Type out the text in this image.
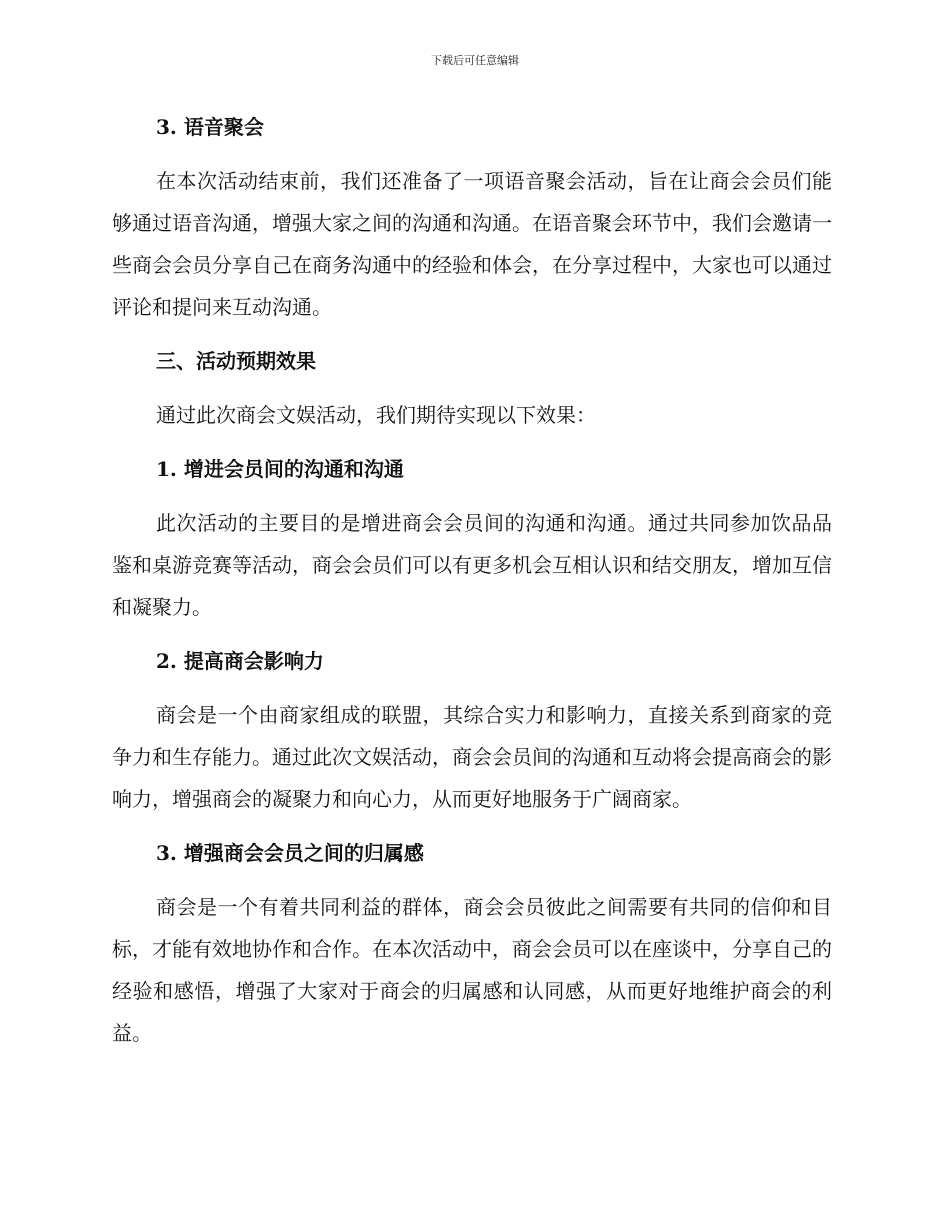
下载后可任意编辑
3. 语音聚会

在本次活动结束前，我们还准备了一项语音聚会活动，旨在让商会会员们能够通过语音沟通，增强大家之间的沟通和沟通。在语音聚会环节中，我们会邀请一些商会会员分享自己在商务沟通中的经验和体会，在分享过程中，大家也可以通过评论和提问来互动沟通。

三、活动预期效果

通过此次商会文娱活动，我们期待实现以下效果：

1. 增进会员间的沟通和沟通

此次活动的主要目的是增进商会会员间的沟通和沟通。通过共同参加饮品品鉴和桌游竞赛等活动，商会会员们可以有更多机会互相认识和结交朋友，增加互信和凝聚力。

2. 提高商会影响力

商会是一个由商家组成的联盟，其综合实力和影响力，直接关系到商家的竞争力和生存能力。通过此次文娱活动，商会会员间的沟通和互动将会提高商会的影响力，增强商会的凝聚力和向心力，从而更好地服务于广阔商家。

3. 增强商会会员之间的归属感

商会是一个有着共同利益的群体，商会会员彼此之间需要有共同的信仰和目标，才能有效地协作和合作。在本次活动中，商会会员可以在座谈中，分享自己的经验和感悟，增强了大家对于商会的归属感和认同感，从而更好地维护商会的利益。
